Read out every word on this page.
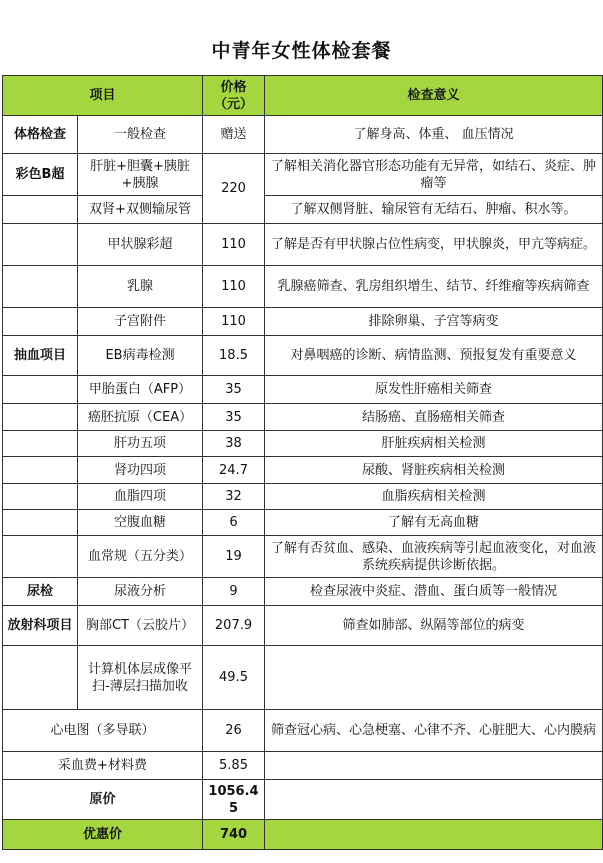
中青年女性体检套餐
项目		价格（元）	检查意义
体格检查	一般检查	赠送	了解身高、体重、 血压情况
彩色B超	肝脏+胆囊+胰脏+胰腺	220	了解相关消化器官形态功能有无异常，如结石、炎症、肿瘤等
	双肾+双侧输尿管		了解双侧肾脏、输尿管有无结石、肿瘤、积水等。
	甲状腺彩超	110	了解是否有甲状腺占位性病变，甲状腺炎，甲亢等病症。
	乳腺	110	乳腺癌筛查、乳房组织增生、结节、纤维瘤等疾病筛查
	子宫附件	110	排除卵巢、子宫等病变
抽血项目	EB病毒检测	18.5	对鼻咽癌的诊断、病情监测、预报复发有重要意义
	甲胎蛋白（AFP）	35	原发性肝癌相关筛查
	癌胚抗原（CEA）	35	结肠癌、直肠癌相关筛查
	肝功五项	38	肝脏疾病相关检测
	肾功四项	24.7	尿酸、肾脏疾病相关检测
	血脂四项	32	血脂疾病相关检测
	空腹血糖	6	了解有无高血糖
	血常规（五分类）	19	了解有否贫血、感染、血液疾病等引起血液变化，对血液系统疾病提供诊断依据。
尿检	尿液分析	9	检查尿液中炎症、潜血、蛋白质等一般情况
放射科项目	胸部CT（云胶片）	207.9	筛查如肺部、纵隔等部位的病变
	计算机体层成像平扫-薄层扫描加收	49.5	
心电图（多导联）		26	筛查冠心病、心急梗塞、心律不齐、心脏肥大、心内膜病
采血费+材料费		5.85	
原价		1056.45	
优惠价		740	
